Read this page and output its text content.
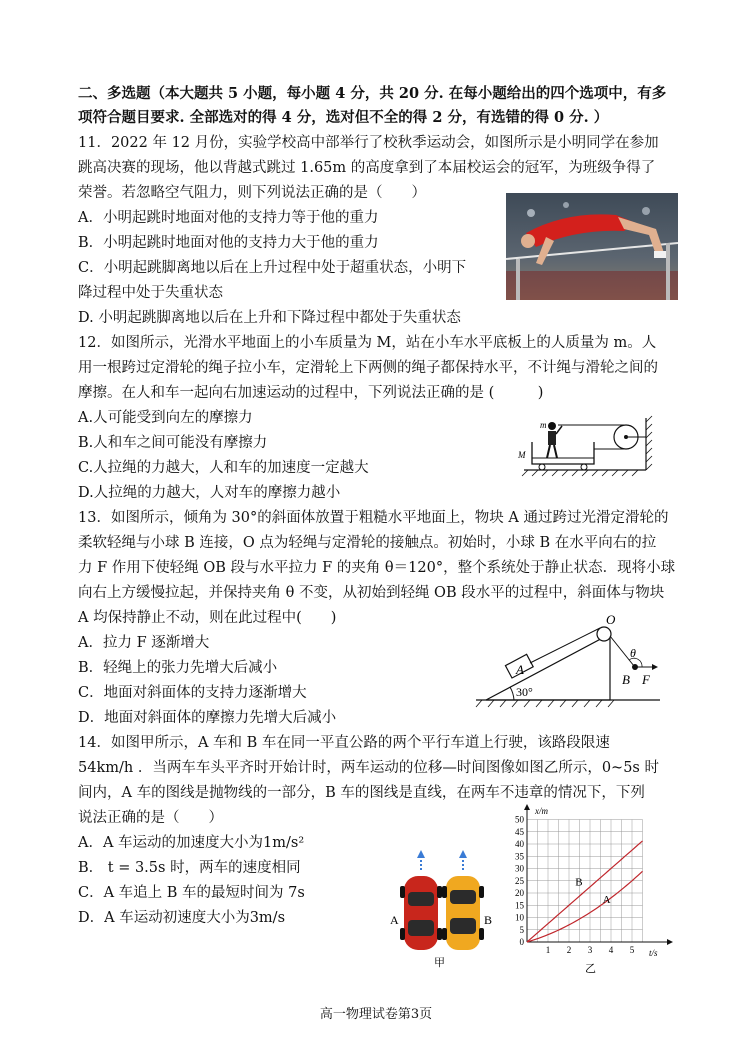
二、多选题（本大题共 5 小题，每小题 4 分，共 20 分. 在每小题给出的四个选项中，有多
项符合题目要求. 全部选对的得 4 分，选对但不全的得 2 分，有选错的得 0 分. ）
11．2022 年 12 月份，实验学校高中部举行了校秋季运动会，如图所示是小明同学在参加
跳高决赛的现场，他以背越式跳过 1.65m 的高度拿到了本届校运会的冠军，为班级争得了
荣誉。若忽略空气阻力，则下列说法正确的是（　　）
A．小明起跳时地面对他的支持力等于他的重力
B．小明起跳时地面对他的支持力大于他的重力
C．小明起跳脚离地以后在上升过程中处于超重状态，小明下
降过程中处于失重状态
D. 小明起跳脚离地以后在上升和下降过程中都处于失重状态
12．如图所示，光滑水平地面上的小车质量为 M，站在小车水平底板上的人质量为 m。人
用一根跨过定滑轮的绳子拉小车，定滑轮上下两侧的绳子都保持水平，不计绳与滑轮之间的
摩擦。在人和车一起向右加速运动的过程中，下列说法正确的是 (　　　)
A.人可能受到向左的摩擦力
B.人和车之间可能没有摩擦力
C.人拉绳的力越大，人和车的加速度一定越大
D.人拉绳的力越大，人对车的摩擦力越小
m
M
13．如图所示，倾角为 30°的斜面体放置于粗糙水平地面上，物块 A 通过跨过光滑定滑轮的
柔软轻绳与小球 B 连接，O 点为轻绳与定滑轮的接触点。初始时，小球 B 在水平向右的拉
力 F 作用下使轻绳 OB 段与水平拉力 F 的夹角 θ＝120°，整个系统处于静止状态．现将小球
向右上方缓慢拉起，并保持夹角 θ 不变，从初始到轻绳 OB 段水平的过程中，斜面体与物块
A 均保持静止不动，则在此过程中(　　)
A．拉力 F 逐渐增大
B．轻绳上的张力先增大后减小
C．地面对斜面体的支持力逐渐增大
D．地面对斜面体的摩擦力先增大后减小
30°
A
O
θ
B F
14．如图甲所示，A 车和 B 车在同一平直公路的两个平行车道上行驶，该路段限速
54km/h ．当两车车头平齐时开始计时，两车运动的位移—时间图像如图乙所示，0~5s 时
间内，A 车的图线是抛物线的一部分，B 车的图线是直线，在两车不违章的情况下，下列
说法正确的是（　　）
A．A 车运动的加速度大小为1m/s²
B． t = 3.5s 时，两车的速度相同
C．A 车追上 B 车的最短时间为 7s
D．A 车运动初速度大小为3m/s	A	B
甲
0
5
10
15
20
25
30
35
40
45
50
1 2 3 4 5
B
A
x/m
t/s
乙
高一物理试卷第3页
